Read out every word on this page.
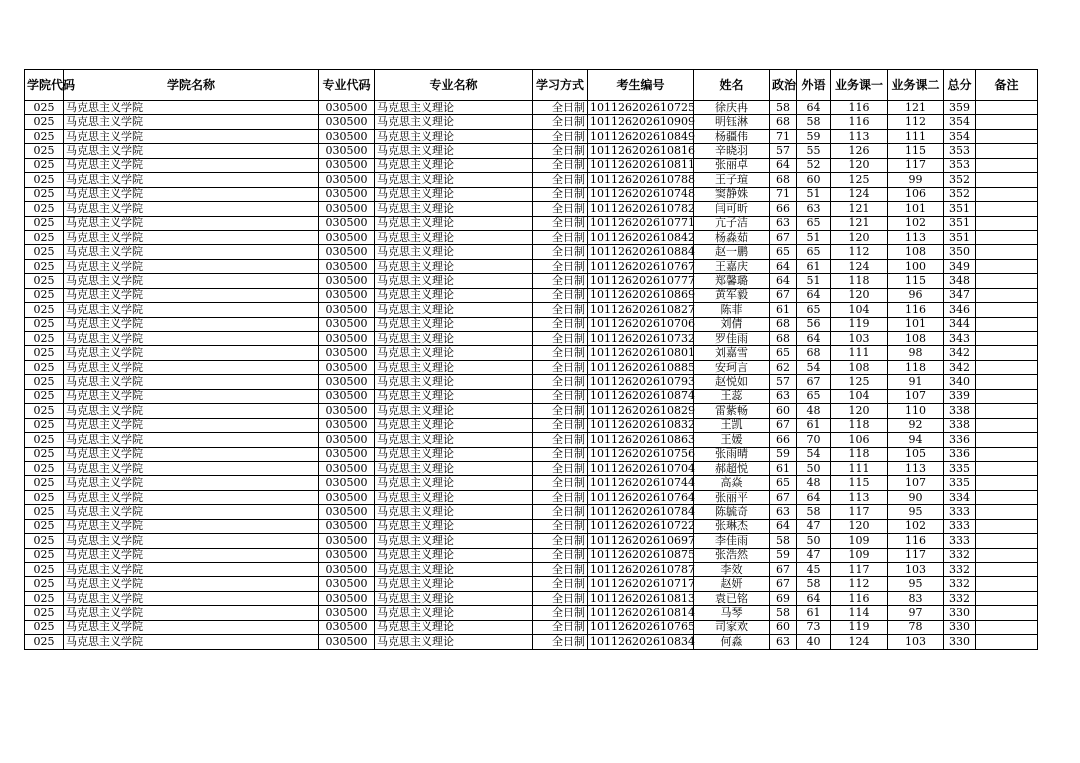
学院代码	学院名称	专业代码	专业名称	学习方式	考生编号	姓名	政治	外语	业务课一	业务课二	总分	备注
025	马克思主义学院	030500	马克思主义理论	全日制	101126202610725	徐庆冉	58	64	116	121	359	
025	马克思主义学院	030500	马克思主义理论	全日制	101126202610909	明钰淋	68	58	116	112	354	
025	马克思主义学院	030500	马克思主义理论	全日制	101126202610849	杨疆伟	71	59	113	111	354	
025	马克思主义学院	030500	马克思主义理论	全日制	101126202610816	辛晓羽	57	55	126	115	353	
025	马克思主义学院	030500	马克思主义理论	全日制	101126202610811	张丽卓	64	52	120	117	353	
025	马克思主义学院	030500	马克思主义理论	全日制	101126202610788	王子瑄	68	60	125	99	352	
025	马克思主义学院	030500	马克思主义理论	全日制	101126202610748	窦静姝	71	51	124	106	352	
025	马克思主义学院	030500	马克思主义理论	全日制	101126202610782	闫可昕	66	63	121	101	351	
025	马克思主义学院	030500	马克思主义理论	全日制	101126202610771	亢子洁	63	65	121	102	351	
025	马克思主义学院	030500	马克思主义理论	全日制	101126202610842	杨淼茹	67	51	120	113	351	
025	马克思主义学院	030500	马克思主义理论	全日制	101126202610884	赵一鹏	65	65	112	108	350	
025	马克思主义学院	030500	马克思主义理论	全日制	101126202610767	王嘉庆	64	61	124	100	349	
025	马克思主义学院	030500	马克思主义理论	全日制	101126202610777	郑馨璐	64	51	118	115	348	
025	马克思主义学院	030500	马克思主义理论	全日制	101126202610869	黄军毅	67	64	120	96	347	
025	马克思主义学院	030500	马克思主义理论	全日制	101126202610827	陈菲	61	65	104	116	346	
025	马克思主义学院	030500	马克思主义理论	全日制	101126202610706	刘倩	68	56	119	101	344	
025	马克思主义学院	030500	马克思主义理论	全日制	101126202610732	罗佳雨	68	64	103	108	343	
025	马克思主义学院	030500	马克思主义理论	全日制	101126202610801	刘嘉雪	65	68	111	98	342	
025	马克思主义学院	030500	马克思主义理论	全日制	101126202610885	安珂言	62	54	108	118	342	
025	马克思主义学院	030500	马克思主义理论	全日制	101126202610793	赵悦如	57	67	125	91	340	
025	马克思主义学院	030500	马克思主义理论	全日制	101126202610874	王蕊	63	65	104	107	339	
025	马克思主义学院	030500	马克思主义理论	全日制	101126202610829	雷紫畅	60	48	120	110	338	
025	马克思主义学院	030500	马克思主义理论	全日制	101126202610832	王凯	67	61	118	92	338	
025	马克思主义学院	030500	马克思主义理论	全日制	101126202610863	王媛	66	70	106	94	336	
025	马克思主义学院	030500	马克思主义理论	全日制	101126202610756	张雨晴	59	54	118	105	336	
025	马克思主义学院	030500	马克思主义理论	全日制	101126202610704	郝超悦	61	50	111	113	335	
025	马克思主义学院	030500	马克思主义理论	全日制	101126202610744	高焱	65	48	115	107	335	
025	马克思主义学院	030500	马克思主义理论	全日制	101126202610764	张丽平	67	64	113	90	334	
025	马克思主义学院	030500	马克思主义理论	全日制	101126202610784	陈毓奇	63	58	117	95	333	
025	马克思主义学院	030500	马克思主义理论	全日制	101126202610722	张琳杰	64	47	120	102	333	
025	马克思主义学院	030500	马克思主义理论	全日制	101126202610697	李佳雨	58	50	109	116	333	
025	马克思主义学院	030500	马克思主义理论	全日制	101126202610875	张浩然	59	47	109	117	332	
025	马克思主义学院	030500	马克思主义理论	全日制	101126202610787	李效	67	45	117	103	332	
025	马克思主义学院	030500	马克思主义理论	全日制	101126202610717	赵妍	67	58	112	95	332	
025	马克思主义学院	030500	马克思主义理论	全日制	101126202610813	袁已铭	69	64	116	83	332	
025	马克思主义学院	030500	马克思主义理论	全日制	101126202610814	马琴	58	61	114	97	330	
025	马克思主义学院	030500	马克思主义理论	全日制	101126202610765	司家欢	60	73	119	78	330	
025	马克思主义学院	030500	马克思主义理论	全日制	101126202610834	何淼	63	40	124	103	330	
